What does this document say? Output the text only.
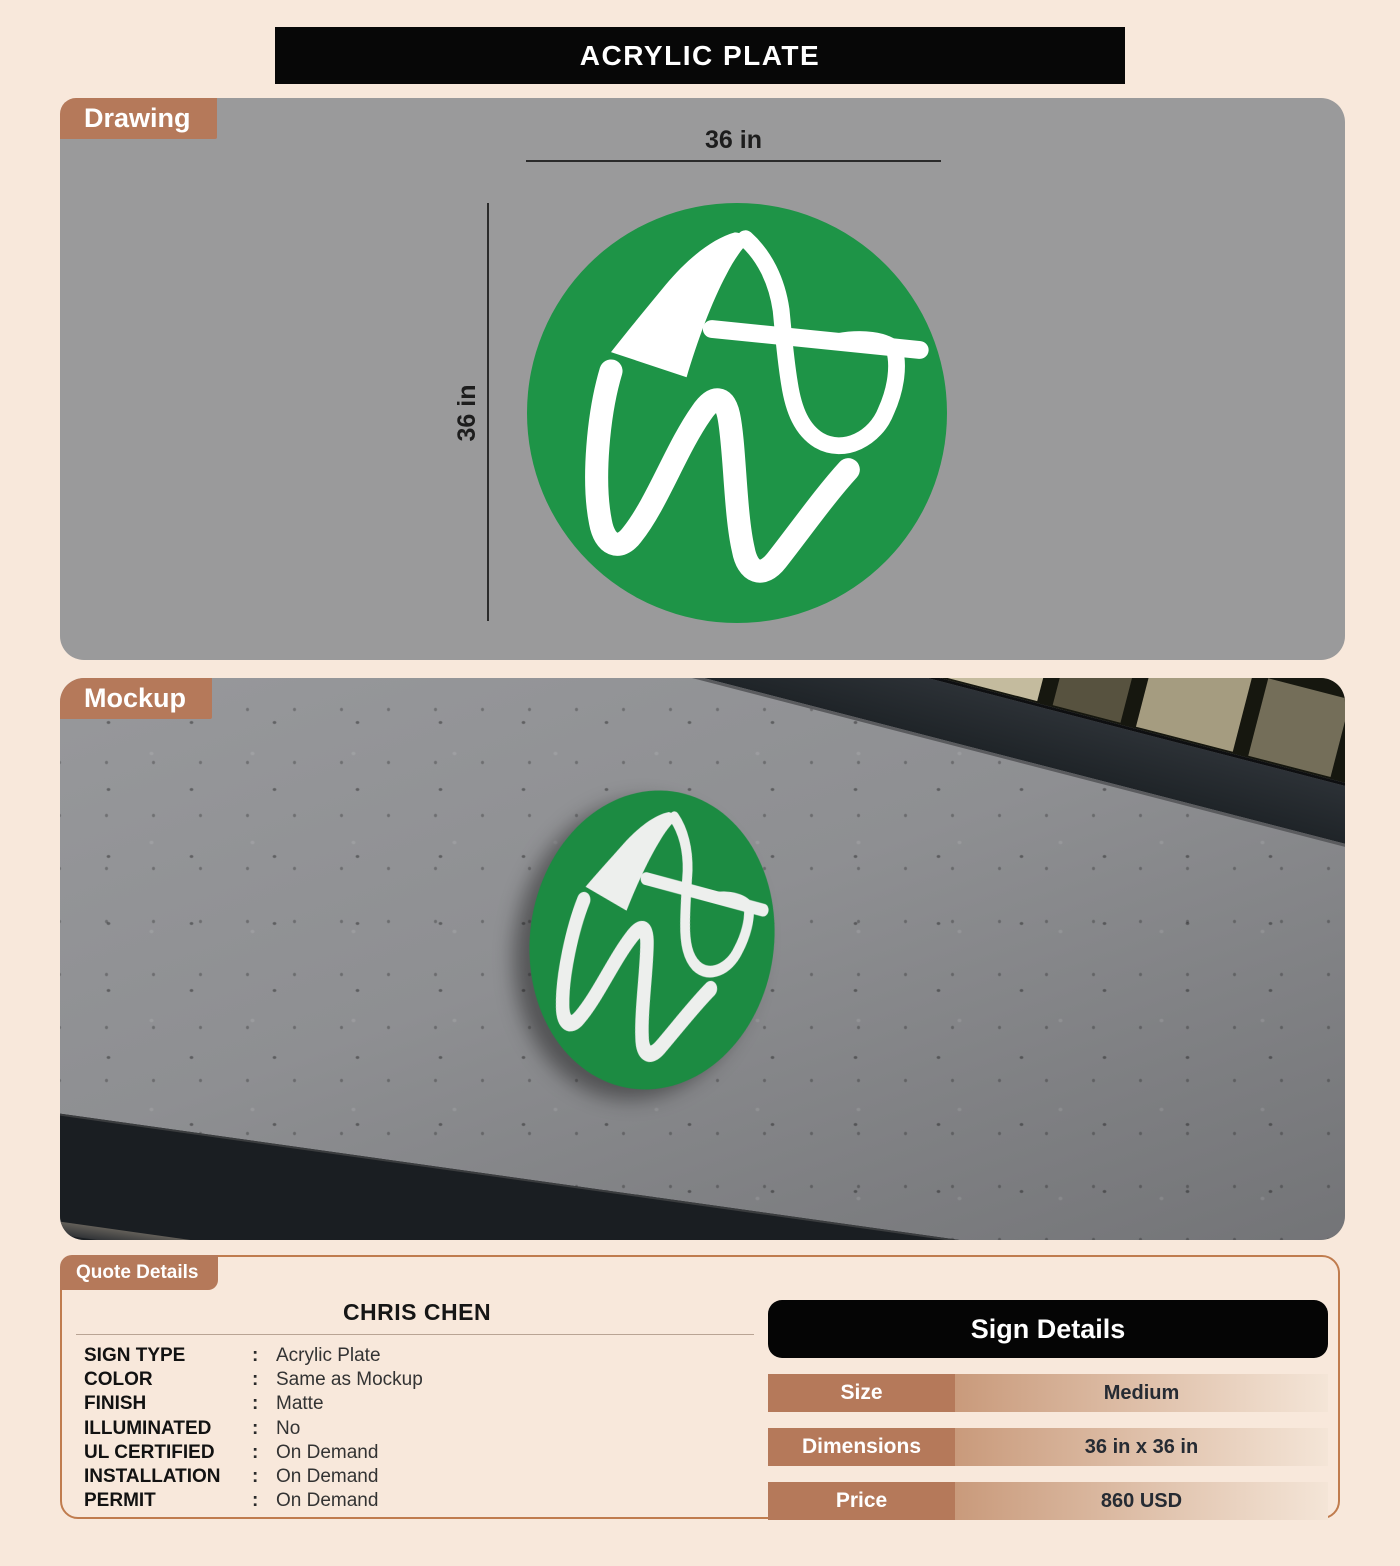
ACRYLIC PLATE
Drawing
36 in
36 in
Mockup
Quote Details
CHRIS CHEN
SIGN TYPE	: Acrylic Plate
COLOR	: Same as Mockup
FINISH	: Matte
ILLUMINATED	: No
UL CERTIFIED	: On Demand
INSTALLATION	: On Demand
PERMIT	: On Demand
Sign Details
Size	Medium
Dimensions	36 in x 36 in
Price	860 USD
